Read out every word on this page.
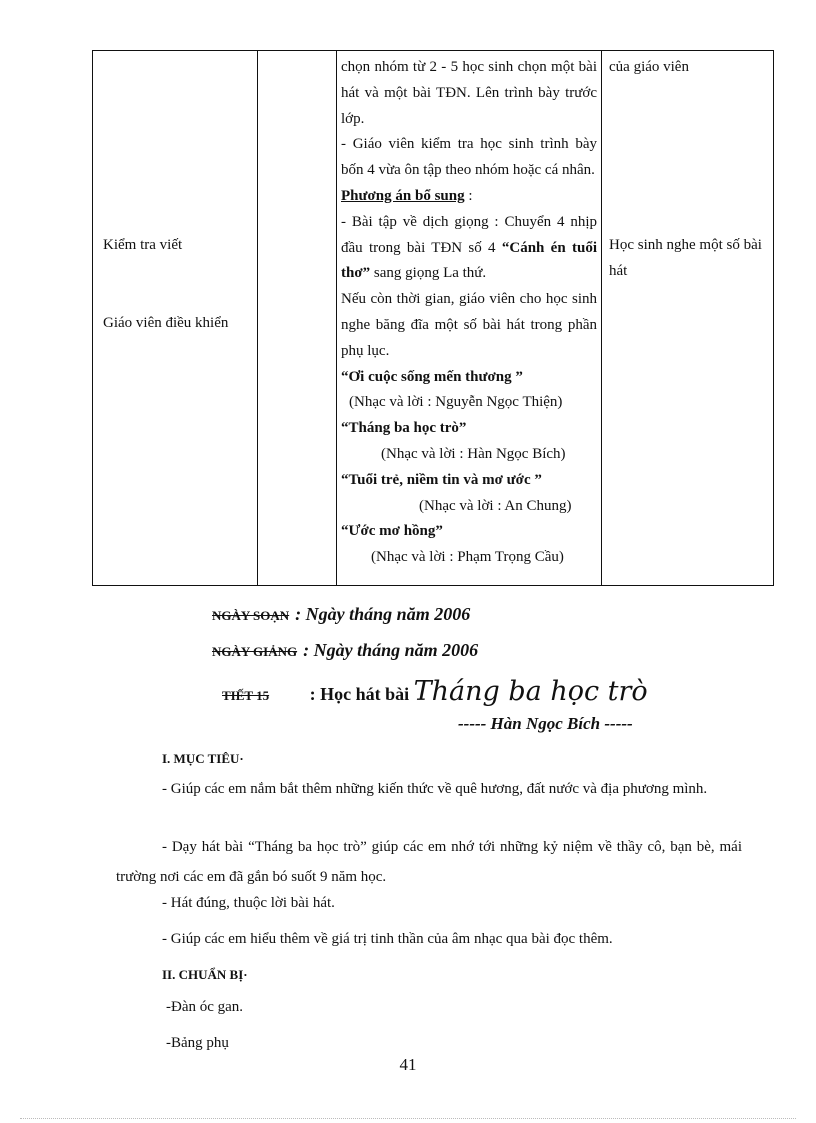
Kiểm tra viết
Giáo viên điều khiển

chọn nhóm từ 2 - 5 học sinh chọn một bài hát và một bài TĐN. Lên trình bày trước lớp.

- Giáo viên kiểm tra học sinh trình bày bốn 4 vừa ôn tập theo nhóm hoặc cá nhân.

Phương án bổ sung :

- Bài tập về dịch giọng : Chuyển 4 nhịp đầu trong bài TĐN số 4 “Cánh én tuổi thơ” sang giọng La thứ.

Nếu còn thời gian, giáo viên cho học sinh nghe băng đĩa một số bài hát trong phần phụ lục.

“Ơi cuộc sống mến thương ”

(Nhạc và lời : Nguyễn Ngọc Thiện)

“Tháng ba học trò”

(Nhạc và lời : Hàn Ngọc Bích)

“Tuổi trẻ, niềm tin và mơ ước ”

(Nhạc và lời : An Chung)

“Ước mơ hồng”

(Nhạc và lời : Phạm Trọng Cầu)

của giáo viên
Học sinh nghe một số bài hát
NGÀY SOẠN : Ngày tháng năm 2006
NGÀY GIẢNG : Ngày tháng năm 2006
TIẾT 15 : Học hát bài Tháng ba học trò
----- Hàn Ngọc Bích -----
I. MỤC TIÊU·
- Giúp các em nắm bắt thêm những kiến thức về quê hương, đất nước và địa phương mình.
- Dạy hát bài “Tháng ba học trò” giúp các em nhớ tới những kỷ niệm về thầy cô, bạn bè, mái trường nơi các em đã gắn bó suốt 9 năm học.
- Hát đúng, thuộc lời bài hát.
- Giúp các em hiểu thêm về giá trị tinh thần của âm nhạc qua bài đọc thêm.
II. CHUẨN BỊ·
-Đàn óc gan.
-Bảng phụ
41
